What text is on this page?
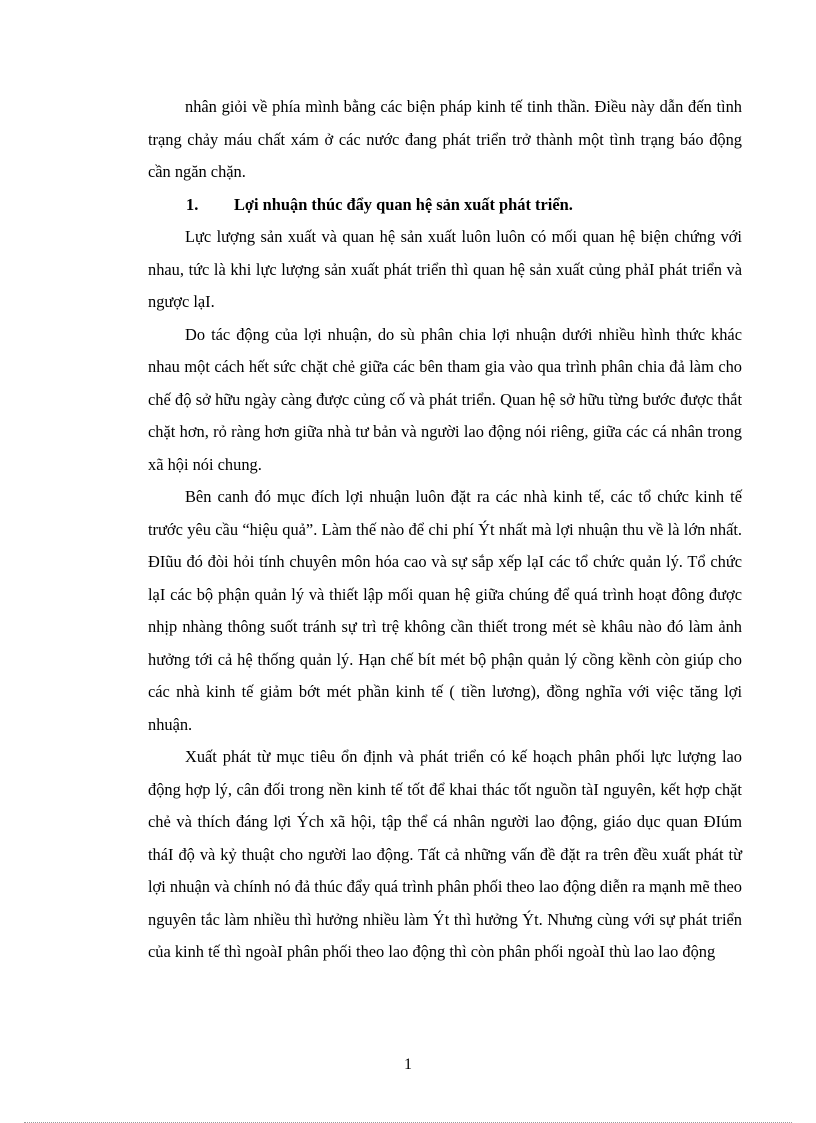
nhân giỏi về phía mình bằng các biện pháp kinh tế tinh thần. Điều này dẫn đến tình trạng chảy máu chất xám ở các nước đang phát triển trở thành một tình trạng báo động cần ngăn chặn.

1. Lợi nhuận thúc đẩy quan hệ sản xuất phát triển.

Lực lượng sản xuất và quan hệ sản xuất luôn luôn có mối quan hệ biện chứng với nhau, tức là khi lực lượng sản xuất phát triển thì quan hệ sản xuất củng phảI phát triển và ngược lạI.

Do tác động của lợi nhuận, do sù phân chia lợi nhuận dưới nhiều hình thức khác nhau một cách hết sức chặt chẻ giữa các bên tham gia vào qua trình phân chia đả làm cho chế độ sở hữu ngày càng được củng cố và phát triển. Quan hệ sở hữu từng bước được thắt chặt hơn, rỏ ràng hơn giữa nhà tư bản và người lao động nói riêng, giữa các cá nhân trong xã hội nói chung.

Bên canh đó mục đích lợi nhuận luôn đặt ra các nhà kinh tế, các tổ chức kinh tế trước yêu cầu “hiệu quả”. Làm thế nào để chi phí Ýt nhất mà lợi nhuận thu về là lớn nhất. ĐIũu đó đòi hỏi tính chuyên môn hóa cao và sự sắp xếp lạI các tổ chức quản lý. Tổ chức lạI các bộ phận quản lý và thiết lập mối quan hệ giữa chúng để quá trình hoạt đông được nhịp nhàng thông suốt tránh sự trì trệ không cần thiết trong mét sè khâu nào đó làm ảnh hưởng tới cả hệ thống quản lý. Hạn chế bít mét bộ phận quản lý cồng kềnh còn giúp cho các nhà kinh tế giảm bớt mét phần kinh tế ( tiền lương), đồng nghĩa với việc tăng lợi nhuận.

Xuất phát từ mục tiêu ổn định và phát triển có kế hoạch phân phối lực lượng lao động hợp lý, cân đối trong nền kinh tế tốt để khai thác tốt nguồn tàI nguyên, kết hợp chặt chẻ và thích đáng lợi Ých xã hội, tập thể cá nhân người lao động, giáo dục quan ĐIúm tháI độ và kỷ thuật cho người lao động. Tất cả những vấn đề đặt ra trên đều xuất phát từ lợi nhuận và chính nó đả thúc đẩy quá trình phân phối theo lao động diễn ra mạnh mẽ theo nguyên tắc làm nhiều thì hưởng nhiều làm Ýt thì hưởng Ýt. Nhưng cùng với sự phát triển của kinh tế thì ngoàI phân phối theo lao động thì còn phân phối ngoàI thù lao lao động

1
